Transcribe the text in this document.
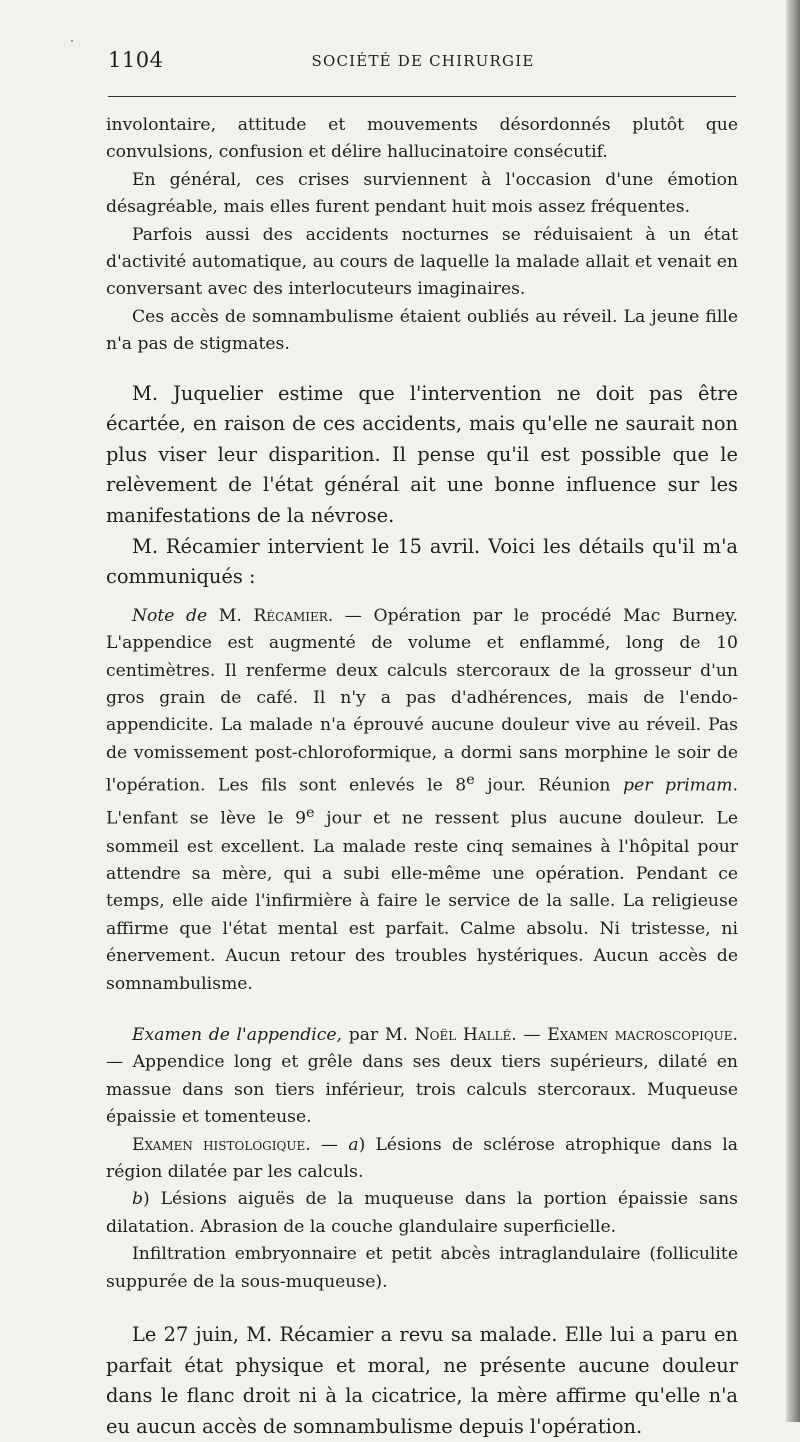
1104	SOCIÉTÉ DE CHIRURGIE

involontaire, attitude et mouvements désordonnés plutôt que convulsions, confusion et délire hallucinatoire consécutif.

En général, ces crises surviennent à l'occasion d'une émotion désagréable, mais elles furent pendant huit mois assez fréquentes.

Parfois aussi des accidents nocturnes se réduisaient à un état d'activité automatique, au cours de laquelle la malade allait et venait en conversant avec des interlocuteurs imaginaires.

Ces accès de somnambulisme étaient oubliés au réveil. La jeune fille n'a pas de stigmates.

M. Juquelier estime que l'intervention ne doit pas être écartée, en raison de ces accidents, mais qu'elle ne saurait non plus viser leur disparition. Il pense qu'il est possible que le relèvement de l'état général ait une bonne influence sur les manifestations de la névrose.

M. Récamier intervient le 15 avril. Voici les détails qu'il m'a communiqués :

Note de M. Récamier. — Opération par le procédé Mac Burney. L'appendice est augmenté de volume et enflammé, long de 10 centimètres. Il renferme deux calculs stercoraux de la grosseur d'un gros grain de café. Il n'y a pas d'adhérences, mais de l'endo-appendicite. La malade n'a éprouvé aucune douleur vive au réveil. Pas de vomissement post-chloroformique, a dormi sans morphine le soir de l'opération. Les fils sont enlevés le 8e jour. Réunion per primam. L'enfant se lève le 9e jour et ne ressent plus aucune douleur. Le sommeil est excellent. La malade reste cinq semaines à l'hôpital pour attendre sa mère, qui a subi elle-même une opération. Pendant ce temps, elle aide l'infirmière à faire le service de la salle. La religieuse affirme que l'état mental est parfait. Calme absolu. Ni tristesse, ni énervement. Aucun retour des troubles hystériques. Aucun accès de somnambulisme.

Examen de l'appendice, par M. Noël Hallé. — Examen macroscopique. — Appendice long et grêle dans ses deux tiers supérieurs, dilaté en massue dans son tiers inférieur, trois calculs stercoraux. Muqueuse épaissie et tomenteuse.

Examen histologique. — a) Lésions de sclérose atrophique dans la région dilatée par les calculs.

b) Lésions aiguës de la muqueuse dans la portion épaissie sans dilatation. Abrasion de la couche glandulaire superficielle.

Infiltration embryonnaire et petit abcès intraglandulaire (folliculite suppurée de la sous-muqueuse).

Le 27 juin, M. Récamier a revu sa malade. Elle lui a paru en parfait état physique et moral, ne présente aucune douleur dans le flanc droit ni à la cicatrice, la mère affirme qu'elle n'a eu aucun accès de somnambulisme depuis l'opération.
